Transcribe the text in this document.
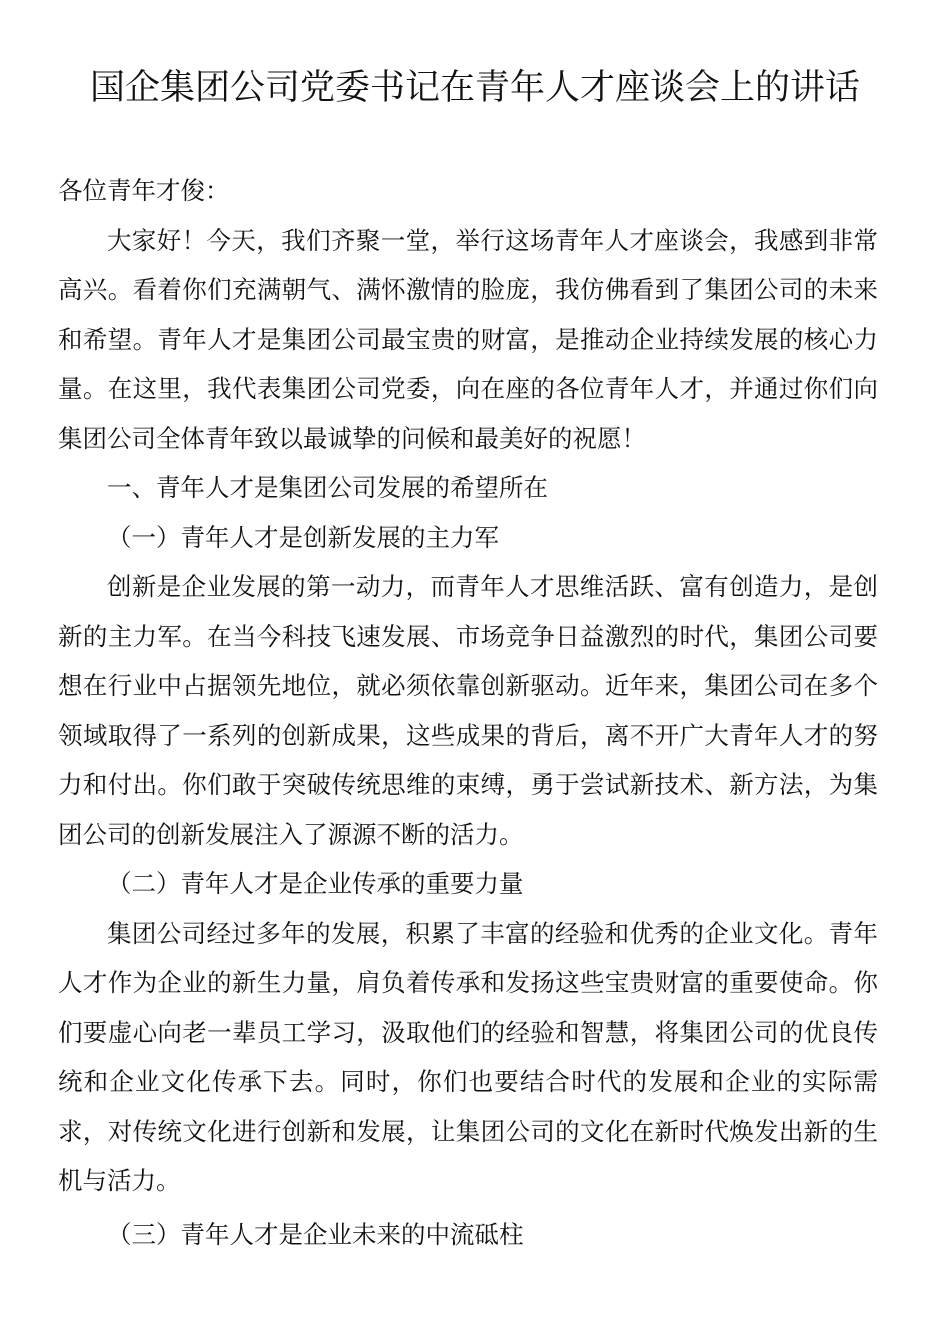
国企集团公司党委书记在青年人才座谈会上的讲话

各位青年才俊：

大家好！今天，我们齐聚一堂，举行这场青年人才座谈会，我感到非常高兴。看着你们充满朝气、满怀激情的脸庞，我仿佛看到了集团公司的未来和希望。青年人才是集团公司最宝贵的财富，是推动企业持续发展的核心力量。在这里，我代表集团公司党委，向在座的各位青年人才，并通过你们向集团公司全体青年致以最诚挚的问候和最美好的祝愿！

一、青年人才是集团公司发展的希望所在

（一）青年人才是创新发展的主力军

创新是企业发展的第一动力，而青年人才思维活跃、富有创造力，是创新的主力军。在当今科技飞速发展、市场竞争日益激烈的时代，集团公司要想在行业中占据领先地位，就必须依靠创新驱动。近年来，集团公司在多个领域取得了一系列的创新成果，这些成果的背后，离不开广大青年人才的努力和付出。你们敢于突破传统思维的束缚，勇于尝试新技术、新方法，为集团公司的创新发展注入了源源不断的活力。

（二）青年人才是企业传承的重要力量

集团公司经过多年的发展，积累了丰富的经验和优秀的企业文化。青年人才作为企业的新生力量，肩负着传承和发扬这些宝贵财富的重要使命。你们要虚心向老一辈员工学习，汲取他们的经验和智慧，将集团公司的优良传统和企业文化传承下去。同时，你们也要结合时代的发展和企业的实际需求，对传统文化进行创新和发展，让集团公司的文化在新时代焕发出新的生机与活力。

（三）青年人才是企业未来的中流砥柱
